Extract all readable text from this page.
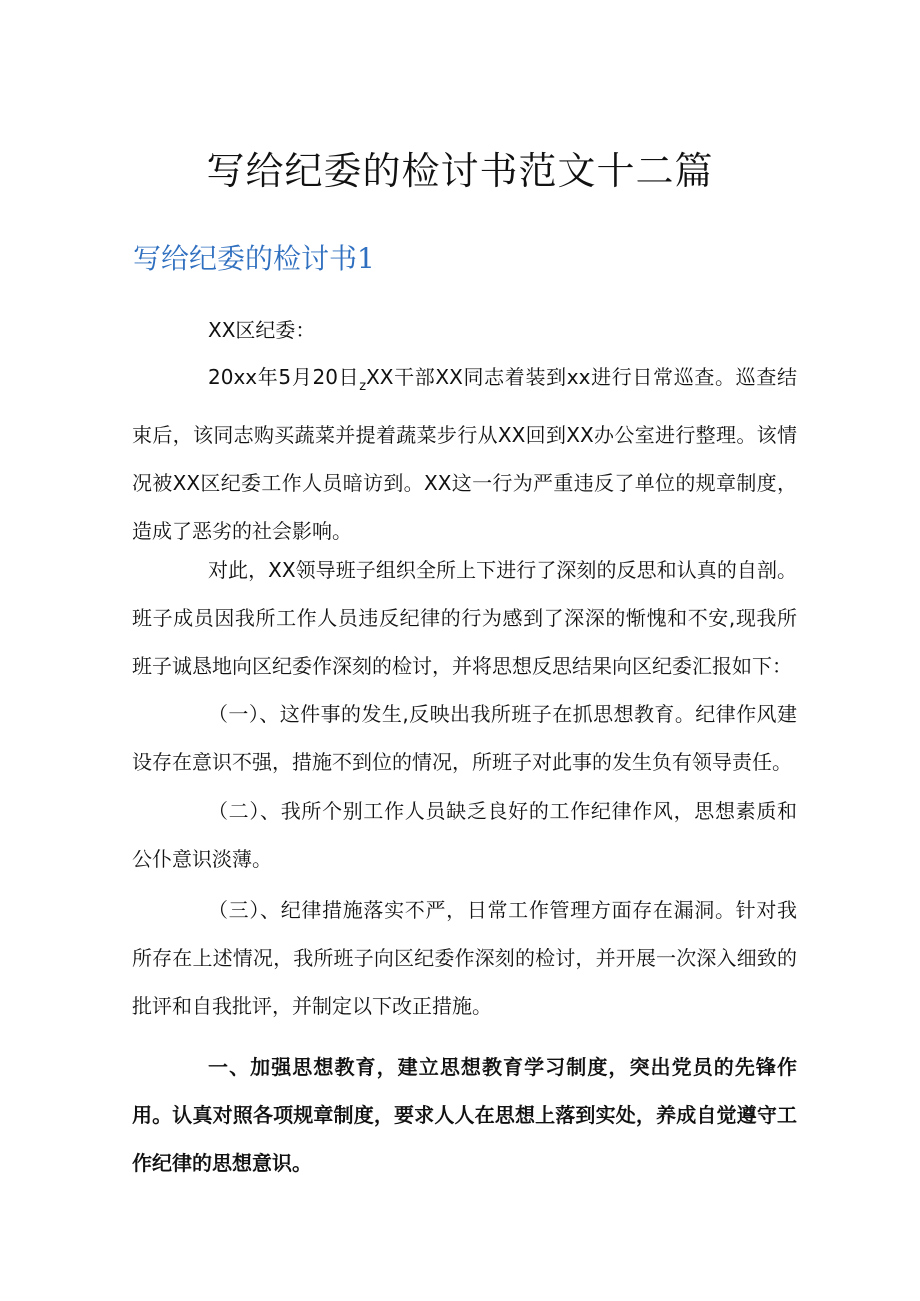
写给纪委的检讨书范文十二篇
写给纪委的检讨书1

XX区纪委：

20xx年5月20日$_z$XX干部XX同志着装到xx进行日常巡查。巡查结束后，该同志购买蔬菜并提着蔬菜步行从XX回到XX办公室进行整理。该情况被XX区纪委工作人员暗访到。XX这一行为严重违反了单位的规章制度，造成了恶劣的社会影响。

对此，XX领导班子组织全所上下进行了深刻的反思和认真的自剖。班子成员因我所工作人员违反纪律的行为感到了深深的惭愧和不安,现我所班子诚恳地向区纪委作深刻的检讨，并将思想反思结果向区纪委汇报如下：

（一）、这件事的发生,反映出我所班子在抓思想教育。纪律作风建设存在意识不强，措施不到位的情况，所班子对此事的发生负有领导责任。

（二）、我所个别工作人员缺乏良好的工作纪律作风，思想素质和公仆意识淡薄。

（三）、纪律措施落实不严，日常工作管理方面存在漏洞。针对我所存在上述情况，我所班子向区纪委作深刻的检讨，并开展一次深入细致的批评和自我批评，并制定以下改正措施。

一、加强思想教育，建立思想教育学习制度，突出党员的先锋作用。认真对照各项规章制度，要求人人在思想上落到实处，养成自觉遵守工作纪律的思想意识。
